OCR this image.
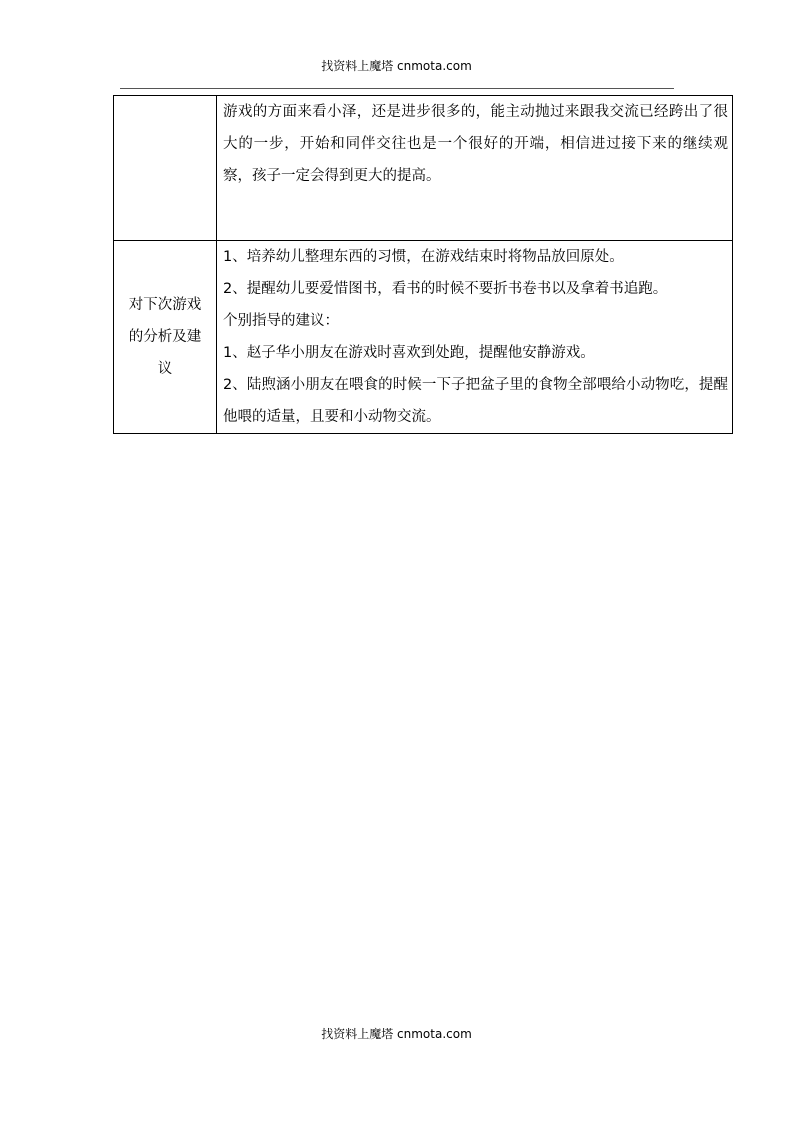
找资料上魔塔 cnmota.com

	游戏的方面来看小泽，还是进步很多的，能主动抛过来跟我交流已经跨出了很大的一步，开始和同伴交往也是一个很好的开端，相信进过接下来的继续观察，孩子一定会得到更大的提高。

对下次游戏的分析及建议	1、培养幼儿整理东西的习惯，在游戏结束时将物品放回原处。

2、提醒幼儿要爱惜图书，看书的时候不要折书卷书以及拿着书追跑。

个别指导的建议：

1、赵子华小朋友在游戏时喜欢到处跑，提醒他安静游戏。

2、陆煦涵小朋友在喂食的时候一下子把盆子里的食物全部喂给小动物吃，提醒他喂的适量，且要和小动物交流。

找资料上魔塔 cnmota.com
